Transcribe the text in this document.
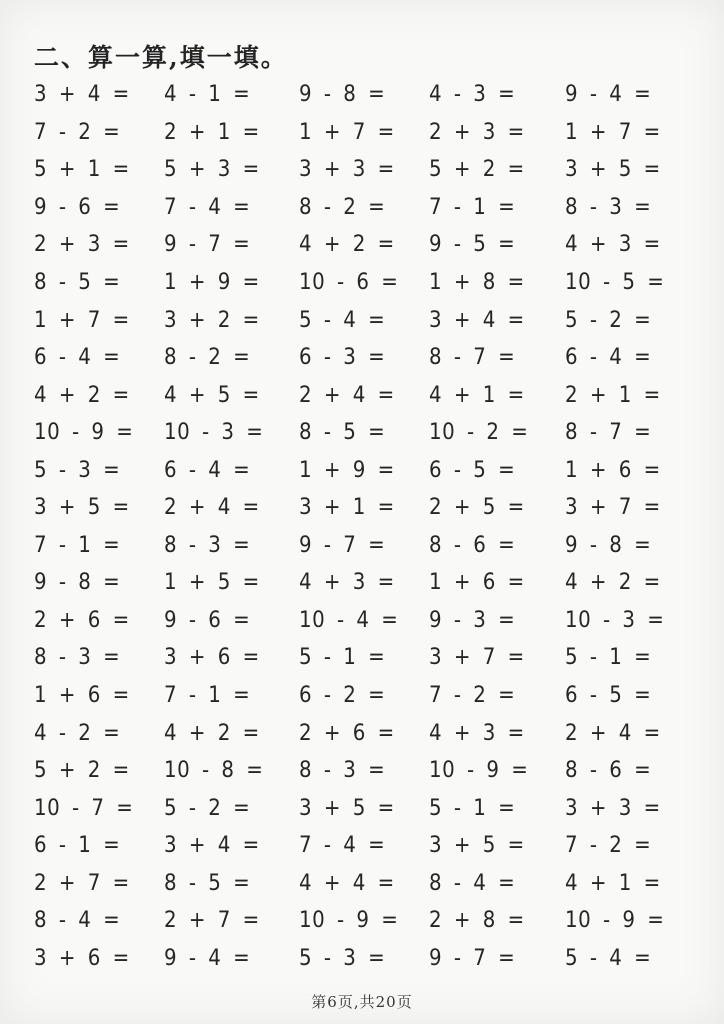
二、算一算,填一填。
3 + 4 =	4 - 1 =	9 - 8 =	4 - 3 =	9 - 4 =
7 - 2 =	2 + 1 =	1 + 7 =	2 + 3 =	1 + 7 =
5 + 1 =	5 + 3 =	3 + 3 =	5 + 2 =	3 + 5 =
9 - 6 =	7 - 4 =	8 - 2 =	7 - 1 =	8 - 3 =
2 + 3 =	9 - 7 =	4 + 2 =	9 - 5 =	4 + 3 =
8 - 5 =	1 + 9 =	10 - 6 =	1 + 8 =	10 - 5 =
1 + 7 =	3 + 2 =	5 - 4 =	3 + 4 =	5 - 2 =
6 - 4 =	8 - 2 =	6 - 3 =	8 - 7 =	6 - 4 =
4 + 2 =	4 + 5 =	2 + 4 =	4 + 1 =	2 + 1 =
10 - 9 =	10 - 3 =	8 - 5 =	10 - 2 =	8 - 7 =
5 - 3 =	6 - 4 =	1 + 9 =	6 - 5 =	1 + 6 =
3 + 5 =	2 + 4 =	3 + 1 =	2 + 5 =	3 + 7 =
7 - 1 =	8 - 3 =	9 - 7 =	8 - 6 =	9 - 8 =
9 - 8 =	1 + 5 =	4 + 3 =	1 + 6 =	4 + 2 =
2 + 6 =	9 - 6 =	10 - 4 =	9 - 3 =	10 - 3 =
8 - 3 =	3 + 6 =	5 - 1 =	3 + 7 =	5 - 1 =
1 + 6 =	7 - 1 =	6 - 2 =	7 - 2 =	6 - 5 =
4 - 2 =	4 + 2 =	2 + 6 =	4 + 3 =	2 + 4 =
5 + 2 =	10 - 8 =	8 - 3 =	10 - 9 =	8 - 6 =
10 - 7 =	5 - 2 =	3 + 5 =	5 - 1 =	3 + 3 =
6 - 1 =	3 + 4 =	7 - 4 =	3 + 5 =	7 - 2 =
2 + 7 =	8 - 5 =	4 + 4 =	8 - 4 =	4 + 1 =
8 - 4 =	2 + 7 =	10 - 9 =	2 + 8 =	10 - 9 =
3 + 6 =	9 - 4 =	5 - 3 =	9 - 7 =	5 - 4 =
第6页,共20页
